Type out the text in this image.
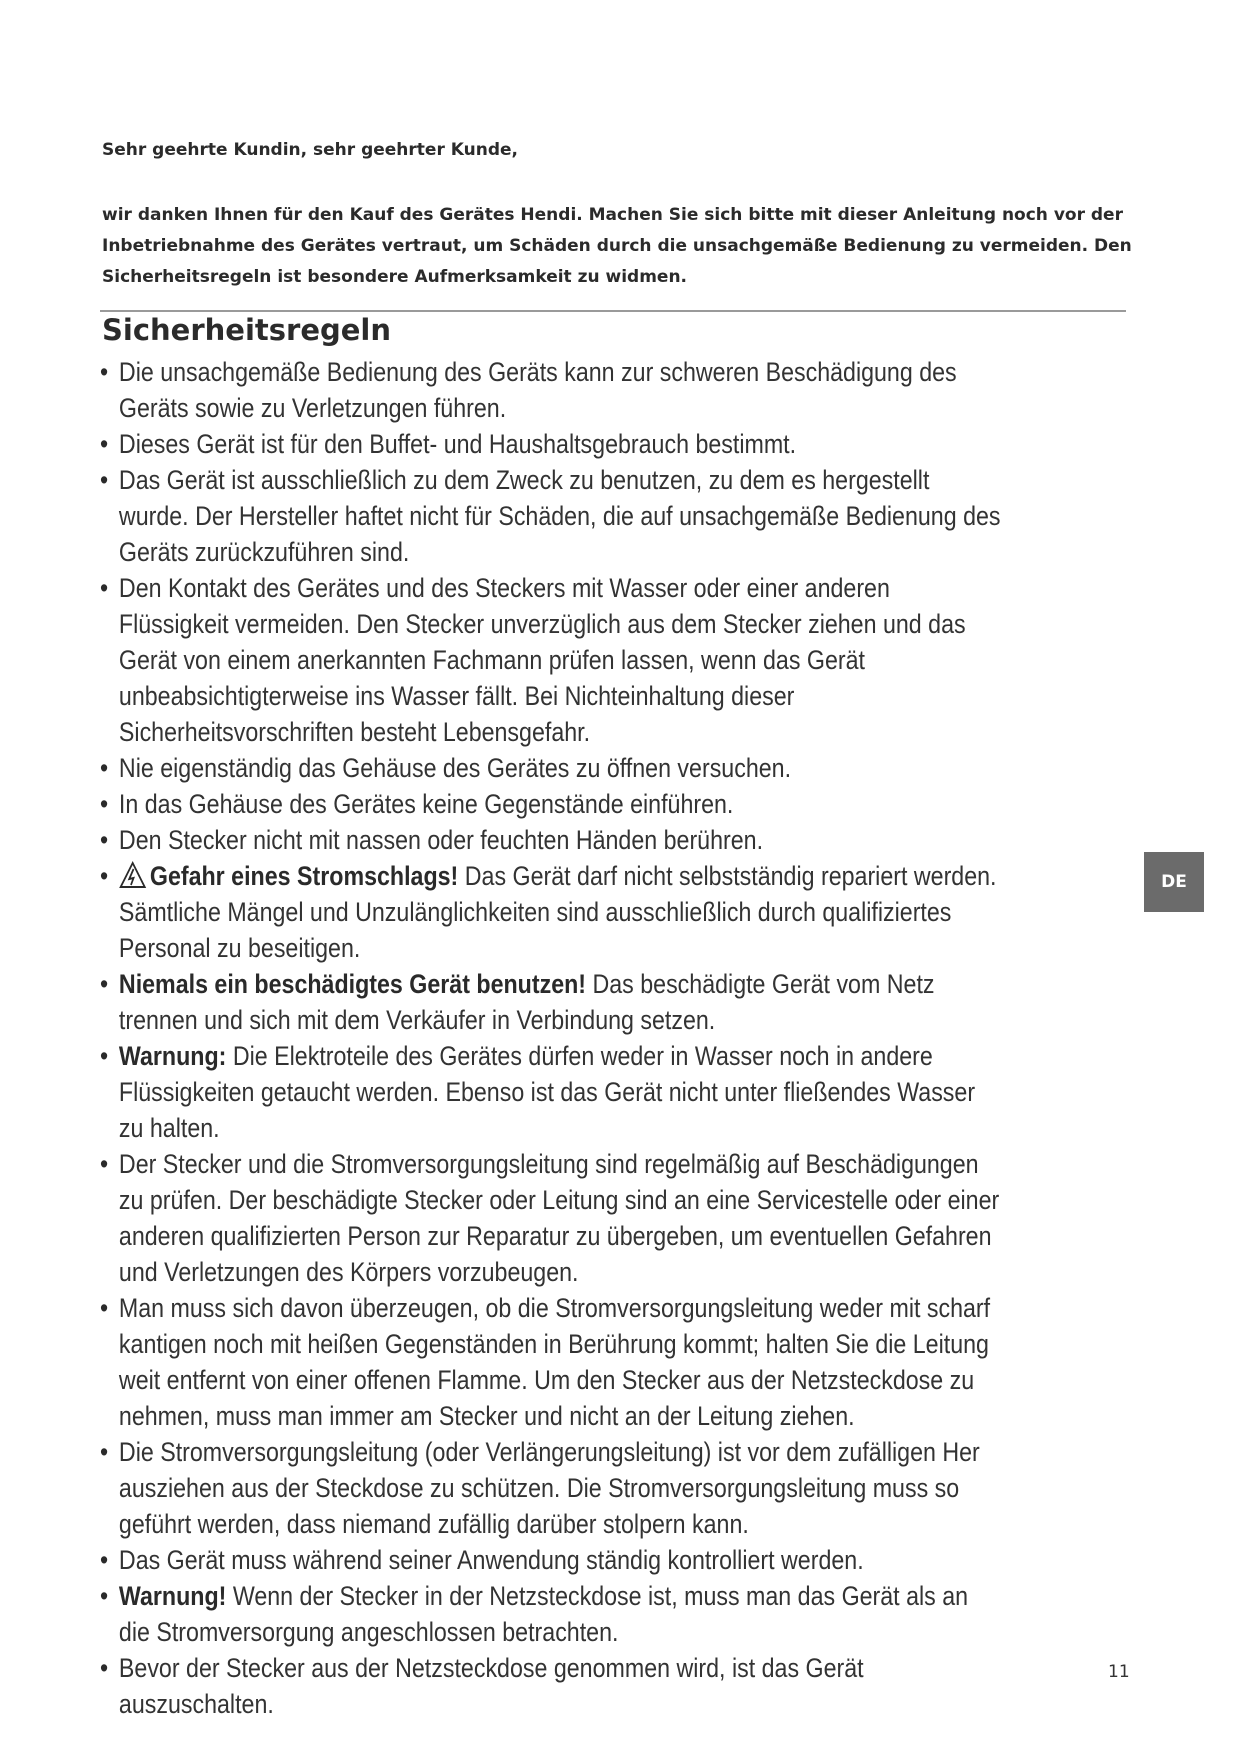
Sehr geehrte Kundin, sehr geehrter Kunde,

wir danken Ihnen für den Kauf des Gerätes Hendi. Machen Sie sich bitte mit dieser Anleitung noch vor der Inbetriebnahme des Gerätes vertraut, um Schäden durch die unsachgemäße Bedienung zu vermeiden. Den Sicherheitsregeln ist besondere Aufmerksamkeit zu widmen.

Sicherheitsregeln
• Die unsachgemäße Bedienung des Geräts kann zur schweren Beschädigung des Geräts sowie zu Verletzungen führen.
• Dieses Gerät ist für den Buffet- und Haushaltsgebrauch bestimmt.
• Das Gerät ist ausschließlich zu dem Zweck zu benutzen, zu dem es hergestellt wurde. Der Hersteller haftet nicht für Schäden, die auf unsachgemäße Bedienung des Geräts zurückzuführen sind.
• Den Kontakt des Gerätes und des Steckers mit Wasser oder einer anderen Flüssigkeit vermeiden. Den Stecker unverzüglich aus dem Stecker ziehen und das Gerät von einem anerkannten Fachmann prüfen lassen, wenn das Gerät unbeabsichtigterweise ins Wasser fällt. Bei Nichteinhaltung dieser Sicherheitsvorschriften besteht Lebensgefahr.
• Nie eigenständig das Gehäuse des Gerätes zu öffnen versuchen.
• In das Gehäuse des Gerätes keine Gegenstände einführen.
• Den Stecker nicht mit nassen oder feuchten Händen berühren.
• Gefahr eines Stromschlags! Das Gerät darf nicht selbstständig repariert werden. Sämtliche Mängel und Unzulänglichkeiten sind ausschließlich durch qualifiziertes Personal zu beseitigen.
• Niemals ein beschädigtes Gerät benutzen! Das beschädigte Gerät vom Netz trennen und sich mit dem Verkäufer in Verbindung setzen.
• Warnung: Die Elektroteile des Gerätes dürfen weder in Wasser noch in andere Flüssigkeiten getaucht werden. Ebenso ist das Gerät nicht unter fließendes Wasser zu halten.
• Der Stecker und die Stromversorgungsleitung sind regelmäßig auf Beschädigungen zu prüfen. Der beschädigte Stecker oder Leitung sind an eine Servicestelle oder einer anderen qualifizierten Person zur Reparatur zu übergeben, um eventuellen Gefahren und Verletzungen des Körpers vorzubeugen.
• Man muss sich davon überzeugen, ob die Stromversorgungsleitung weder mit scharf kantigen noch mit heißen Gegenständen in Berührung kommt; halten Sie die Leitung weit entfernt von einer offenen Flamme. Um den Stecker aus der Netzsteckdose zu nehmen, muss man immer am Stecker und nicht an der Leitung ziehen.
• Die Stromversorgungsleitung (oder Verlängerungsleitung) ist vor dem zufälligen Her ausziehen aus der Steckdose zu schützen. Die Stromversorgungsleitung muss so geführt werden, dass niemand zufällig darüber stolpern kann.
• Das Gerät muss während seiner Anwendung ständig kontrolliert werden.
• Warnung! Wenn der Stecker in der Netzsteckdose ist, muss man das Gerät als an die Stromversorgung angeschlossen betrachten.
• Bevor der Stecker aus der Netzsteckdose genommen wird, ist das Gerät auszuschalten.
DE
11
